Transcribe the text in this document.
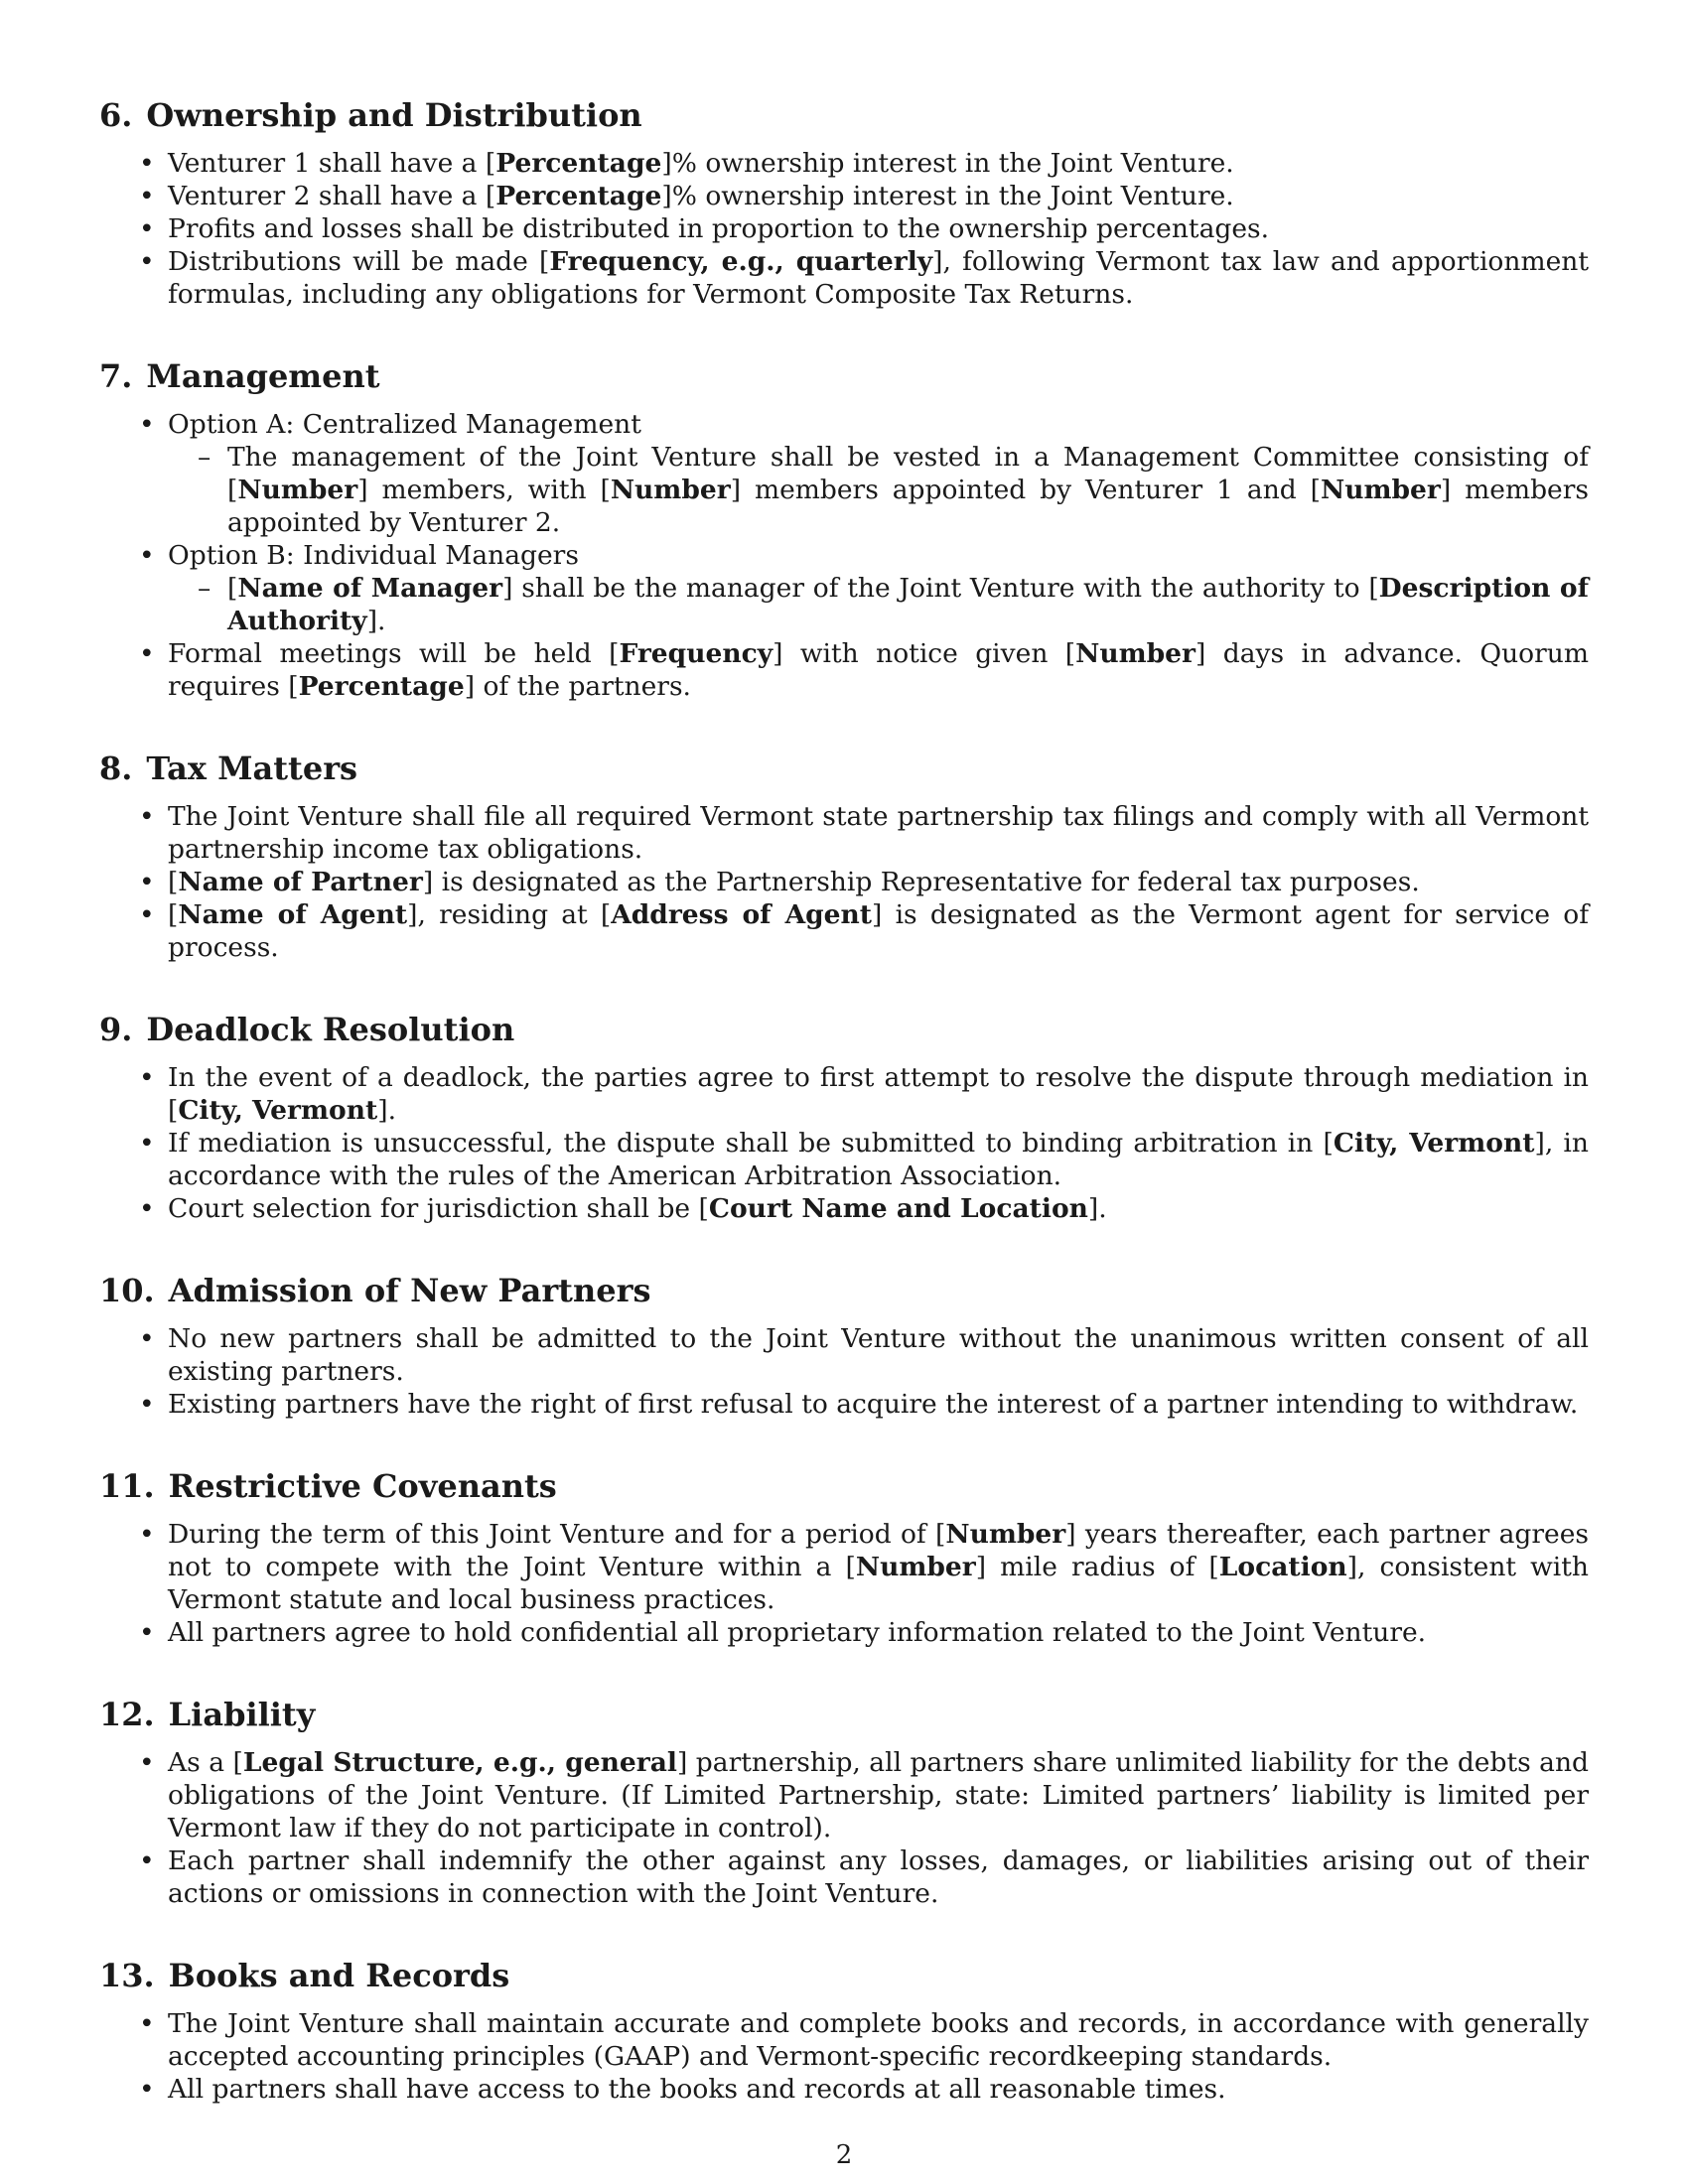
6. Ownership and Distribution
• Venturer 1 shall have a [Percentage]% ownership interest in the Joint Venture.
• Venturer 2 shall have a [Percentage]% ownership interest in the Joint Venture.
• Profits and losses shall be distributed in proportion to the ownership percentages.
• Distributions will be made [Frequency, e.g., quarterly], following Vermont tax law and apportionment formulas, including any obligations for Vermont Composite Tax Returns.
7. Management
• Option A: Centralized Management
– The management of the Joint Venture shall be vested in a Management Committee consisting of [Number] members, with [Number] members appointed by Venturer 1 and [Number] members appointed by Venturer 2.
• Option B: Individual Managers
– [Name of Manager] shall be the manager of the Joint Venture with the authority to [Description of Authority].
• Formal meetings will be held [Frequency] with notice given [Number] days in advance. Quorum requires [Percentage] of the partners.
8. Tax Matters
• The Joint Venture shall file all required Vermont state partnership tax filings and comply with all Vermont partnership income tax obligations.
• [Name of Partner] is designated as the Partnership Representative for federal tax purposes.
• [Name of Agent], residing at [Address of Agent] is designated as the Vermont agent for service of process.
9. Deadlock Resolution
• In the event of a deadlock, the parties agree to first attempt to resolve the dispute through mediation in [City, Vermont].
• If mediation is unsuccessful, the dispute shall be submitted to binding arbitration in [City, Vermont], in accordance with the rules of the American Arbitration Association.
• Court selection for jurisdiction shall be [Court Name and Location].
10. Admission of New Partners
• No new partners shall be admitted to the Joint Venture without the unanimous written consent of all existing partners.
• Existing partners have the right of first refusal to acquire the interest of a partner intending to withdraw.
11. Restrictive Covenants
• During the term of this Joint Venture and for a period of [Number] years thereafter, each partner agrees not to compete with the Joint Venture within a [Number] mile radius of [Location], consistent with Vermont statute and local business practices.
• All partners agree to hold confidential all proprietary information related to the Joint Venture.
12. Liability
• As a [Legal Structure, e.g., general] partnership, all partners share unlimited liability for the debts and obligations of the Joint Venture. (If Limited Partnership, state: Limited partners’ liability is limited per Vermont law if they do not participate in control).
• Each partner shall indemnify the other against any losses, damages, or liabilities arising out of their actions or omissions in connection with the Joint Venture.
13. Books and Records
• The Joint Venture shall maintain accurate and complete books and records, in accordance with generally accepted accounting principles (GAAP) and Vermont-specific recordkeeping standards.
• All partners shall have access to the books and records at all reasonable times.
2
